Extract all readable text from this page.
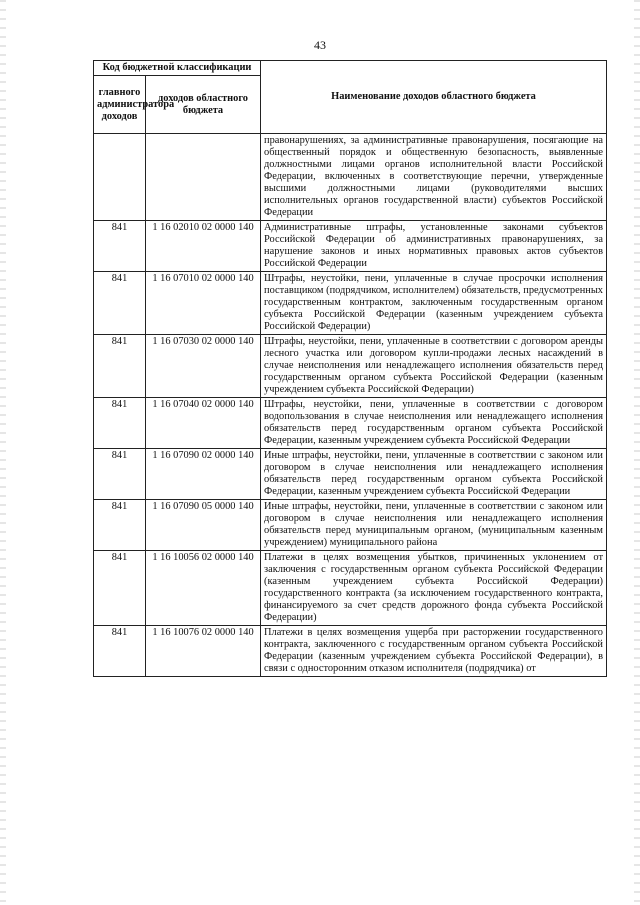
43
Код бюджетной классификации		Наименование доходов областного бюджета
главного администратора доходов	доходов областного бюджета	
		правонарушениях, за административные правонарушения, посягающие на общественный порядок и общественную безопасность, выявленные должностными лицами органов исполнительной власти Российской Федерации, включенных в соответствующие перечни, утвержденные высшими должностными лицами (руководителями высших исполнительных органов государственной власти) субъектов Российской Федерации
841	1 16 02010 02 0000 140	Административные штрафы, установленные законами субъектов Российской Федерации об административных правонарушениях, за нарушение законов и иных нормативных правовых актов субъектов Российской Федерации
841	1 16 07010 02 0000 140	Штрафы, неустойки, пени, уплаченные в случае просрочки исполнения поставщиком (подрядчиком, исполнителем) обязательств, предусмотренных государственным контрактом, заключенным государственным органом субъекта Российской Федерации (казенным учреждением субъекта Российской Федерации)
841	1 16 07030 02 0000 140	Штрафы, неустойки, пени, уплаченные в соответствии с договором аренды лесного участка или договором купли-продажи лесных насаждений в случае неисполнения или ненадлежащего исполнения обязательств перед государственным органом субъекта Российской Федерации (казенным учреждением субъекта Российской Федерации)
841	1 16 07040 02 0000 140	Штрафы, неустойки, пени, уплаченные в соответствии с договором водопользования в случае неисполнения или ненадлежащего исполнения обязательств перед государственным органом субъекта Российской Федерации, казенным учреждением субъекта Российской Федерации
841	1 16 07090 02 0000 140	Иные штрафы, неустойки, пени, уплаченные в соответствии с законом или договором в случае неисполнения или ненадлежащего исполнения обязательств перед государственным органом субъекта Российской Федерации, казенным учреждением субъекта Российской Федерации
841	1 16 07090 05 0000 140	Иные штрафы, неустойки, пени, уплаченные в соответствии с законом или договором в случае неисполнения или ненадлежащего исполнения обязательств перед муниципальным органом, (муниципальным казенным учреждением) муниципального района
841	1 16 10056 02 0000 140	Платежи в целях возмещения убытков, причиненных уклонением от заключения с государственным органом субъекта Российской Федерации (казенным учреждением субъекта Российской Федерации) государственного контракта (за исключением государственного контракта, финансируемого за счет средств дорожного фонда субъекта Российской Федерации)
841	1 16 10076 02 0000 140	Платежи в целях возмещения ущерба при расторжении государственного контракта, заключенного с государственным органом субъекта Российской Федерации (казенным учреждением субъекта Российской Федерации), в связи с односторонним отказом исполнителя (подрядчика) от
